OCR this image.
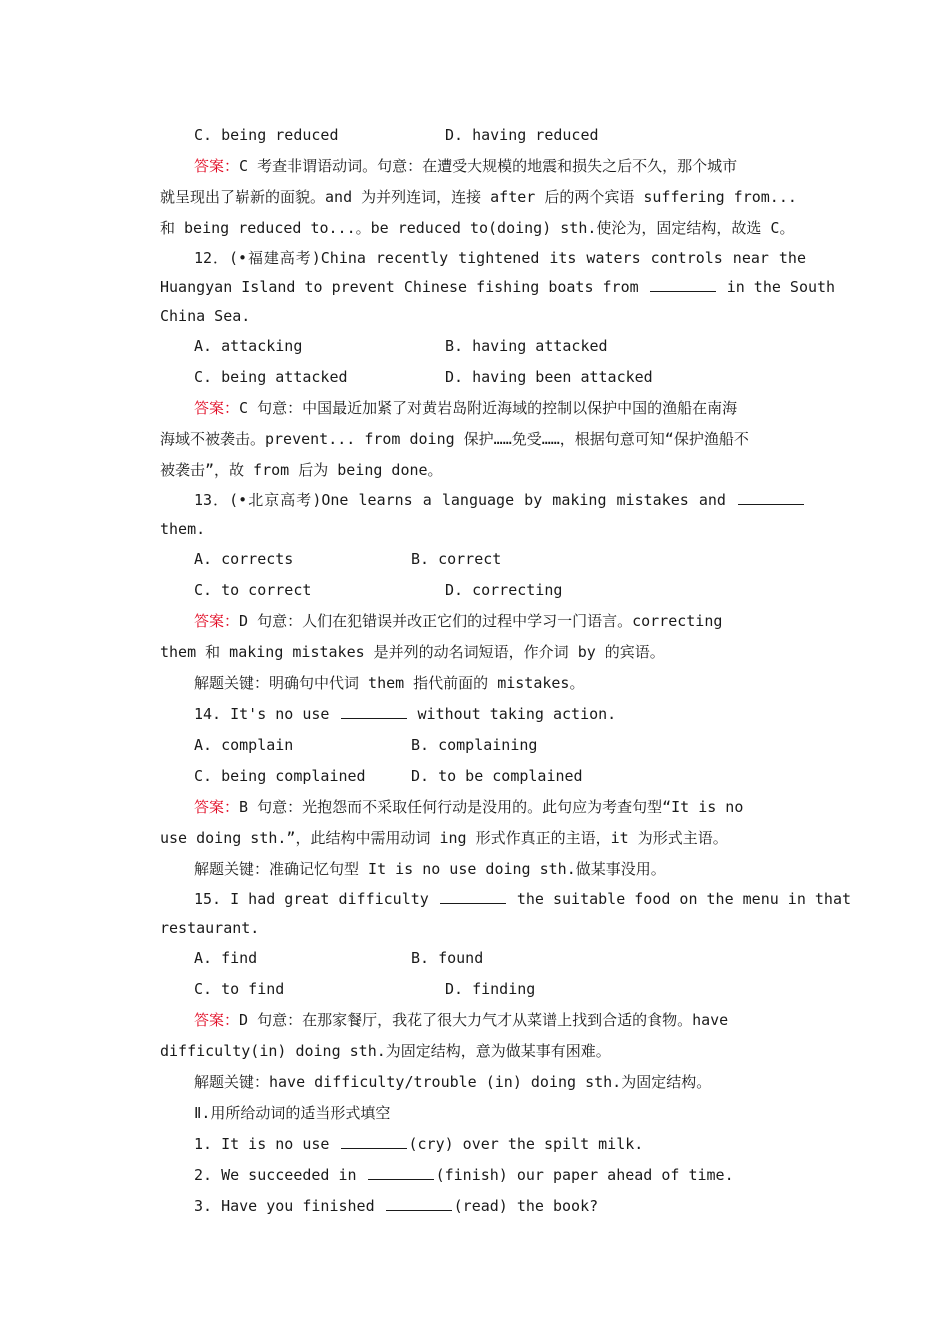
C. being reduced	D. having reduced
答案：C 考查非谓语动词。句意：在遭受大规模的地震和损失之后不久，那个城市
就呈现出了崭新的面貌。and 为并列连词，连接 after 后的两个宾语 suffering from...
和 being reduced to...。be reduced to(doing) sth.使沦为，固定结构，故选 C。
12．(•福建高考)China recently tightened its waters controls near the
Huangyan Island to prevent Chinese fishing boats from	in the South
China Sea.
A. attacking	B. having attacked
C. being attacked	D. having been attacked
答案：C 句意：中国最近加紧了对黄岩岛附近海域的控制以保护中国的渔船在南海
海域不被袭击。prevent... from doing 保护……免受……，根据句意可知“保护渔船不
被袭击”，故 from 后为 being done。
13．(•北京高考)One learns a language by making mistakes and
them.
A. corrects	B. correct
C. to correct	D. correcting
答案：D 句意：人们在犯错误并改正它们的过程中学习一门语言。correcting
them 和 making mistakes 是并列的动名词短语，作介词 by 的宾语。
解题关键：明确句中代词 them 指代前面的 mistakes。
14. It's no use	without taking action.
A. complain	B. complaining
C. being complained	D. to be complained
答案：B 句意：光抱怨而不采取任何行动是没用的。此句应为考查句型“It is no
use doing sth.”，此结构中需用动词 ing 形式作真正的主语，it 为形式主语。
解题关键：准确记忆句型 It is no use doing sth.做某事没用。
15. I had great difficulty	the suitable food on the menu in that
restaurant.
A. find	B. found
C. to find	D. finding
答案：D 句意：在那家餐厅，我花了很大力气才从菜谱上找到合适的食物。have
difficulty(in) doing sth.为固定结构，意为做某事有困难。
解题关键：have difficulty/trouble (in) doing sth.为固定结构。
Ⅱ.用所给动词的适当形式填空
1. It is no use	(cry) over the spilt milk.
2. We succeeded in	(finish) our paper ahead of time.
3. Have you finished	(read) the book?
